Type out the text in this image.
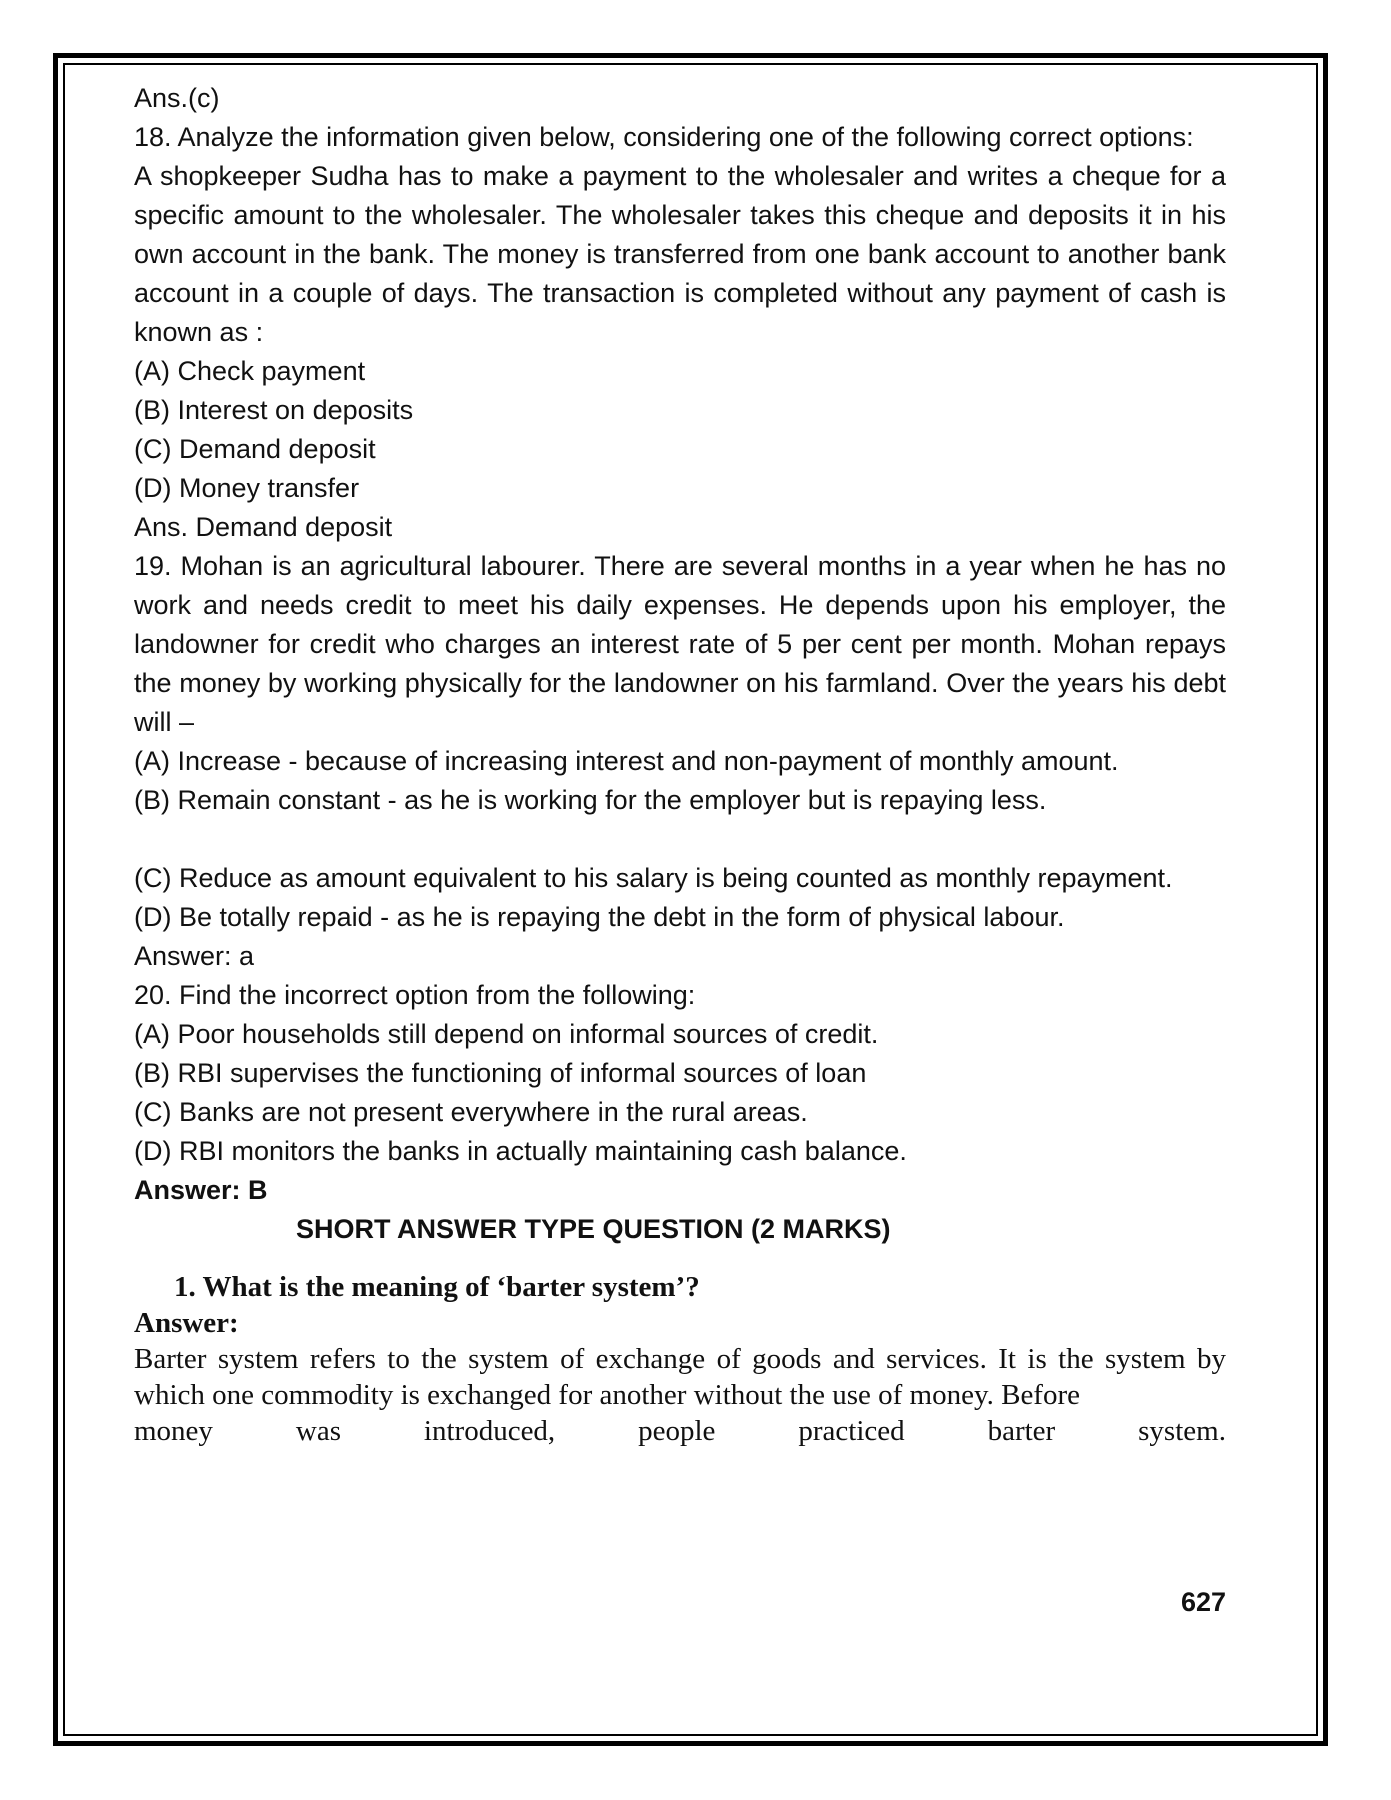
Ans.(c)

18. Analyze the information given below, considering one of the following correct options:

A shopkeeper Sudha has to make a payment to the wholesaler and writes a cheque for a specific amount to the wholesaler. The wholesaler takes this cheque and deposits it in his own account in the bank. The money is transferred from one bank account to another bank account in a couple of days. The transaction is completed without any payment of cash is known as :

(A) Check payment

(B) Interest on deposits

(C) Demand deposit

(D) Money transfer

Ans. Demand deposit

19. Mohan is an agricultural labourer. There are several months in a year when he has no work and needs credit to meet his daily expenses. He depends upon his employer, the landowner for credit who charges an interest rate of 5 per cent per month. Mohan repays the money by working physically for the landowner on his farmland. Over the years his debt will –

(A) Increase - because of increasing interest and non-payment of monthly amount.

(B) Remain constant - as he is working for the employer but is repaying less.

(C) Reduce as amount equivalent to his salary is being counted as monthly repayment.

(D) Be totally repaid - as he is repaying the debt in the form of physical labour.

Answer: a

20. Find the incorrect option from the following:

(A) Poor households still depend on informal sources of credit.

(B) RBI supervises the functioning of informal sources of loan

(C) Banks are not present everywhere in the rural areas.

(D) RBI monitors the banks in actually maintaining cash balance.

Answer: B

SHORT ANSWER TYPE QUESTION (2 MARKS)

1. What is the meaning of ‘barter system’?

Answer:

Barter system refers to the system of exchange of goods and services. It is the system by which one commodity is exchanged for another without the use of money. Before

money	was	introduced,	people	practiced	barter	system.

627
